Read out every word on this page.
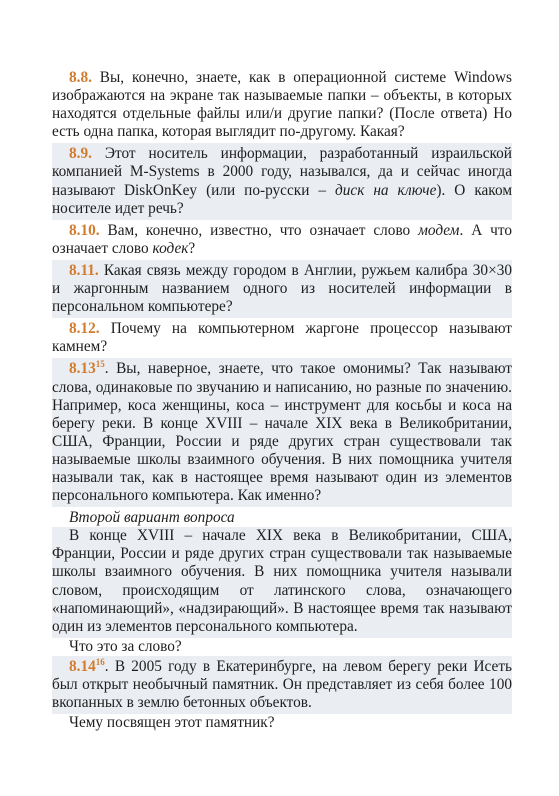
8.8. Вы, конечно, знаете, как в операционной системе Windows изображаются на экране так называемые папки – объекты, в которых находятся отдельные файлы или/и другие папки? (После ответа) Но есть одна папка, которая выглядит по-другому. Какая?

8.9. Этот носитель информации, разработанный израильской компанией M-Systems в 2000 году, назывался, да и сейчас иногда называют DiskOnKey (или по-русски – диск на ключе). О каком носителе идет речь?

8.10. Вам, конечно, известно, что означает слово модем. А что означает слово кодек?

8.11. Какая связь между городом в Англии, ружьем калибра 30×30 и жаргонным названием одного из носителей информации в персональном компьютере?

8.12. Почему на компьютерном жаргоне процессор называют камнем?

8.13$^{15}$. Вы, наверное, знаете, что такое омонимы? Так называют слова, одинаковые по звучанию и написанию, но разные по значению. Например, коса женщины, коса – инструмент для косьбы и коса на берегу реки. В конце XVIII – начале XIX века в Великобритании, США, Франции, России и ряде других стран существовали так называемые школы взаимного обучения. В них помощника учителя называли так, как в настоящее время называют один из элементов персонального компьютера. Как именно?

Второй вариант вопроса

В конце XVIII – начале XIX века в Великобритании, США, Франции, России и ряде других стран существовали так называемые школы взаимного обучения. В них помощника учителя называли словом, происходящим от латинского слова, означающего «напоминающий», «надзирающий». В настоящее время так называют один из элементов персонального компьютера.

Что это за слово?

8.14$^{16}$. В 2005 году в Екатеринбурге, на левом берегу реки Исеть был открыт необычный памятник. Он представляет из себя более 100 вкопанных в землю бетонных объектов.

Чему посвящен этот памятник?
